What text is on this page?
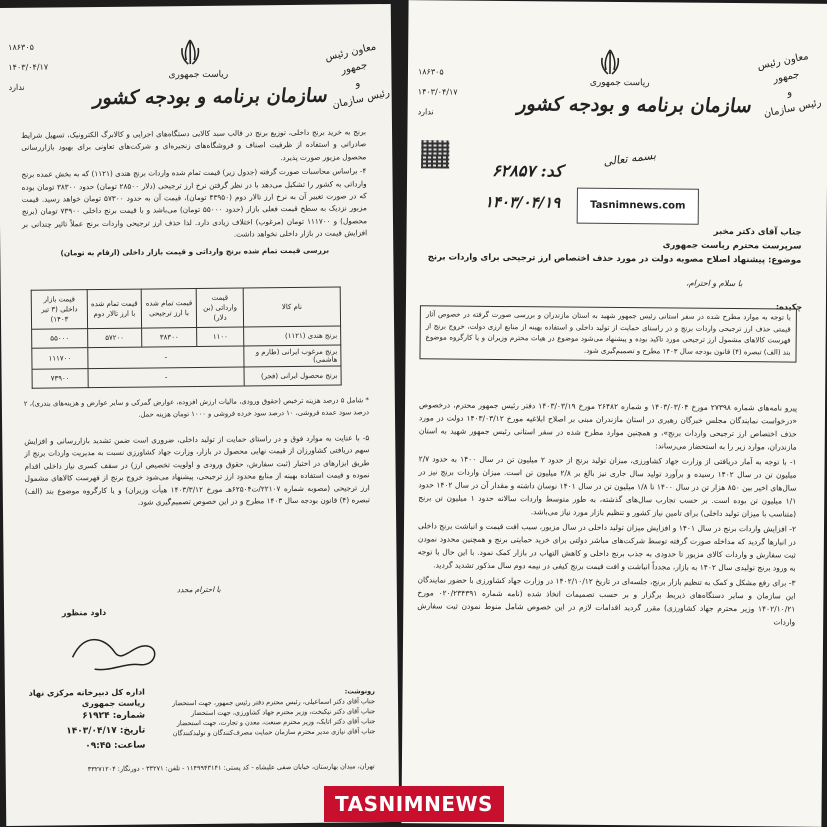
۱۸۶۳۰۵
۱۴۰۳/۰۴/۱۷
ندارد
ریاست جمهوری
سازمان برنامه و بودجه کشور
معاون رئیس جمهور
و
رئیس سازمان

برنج به خرید برنج داخلی، توزیع برنج در قالب سبد کالایی دستگاه‌های اجرایی و کالابرگ الکترونیک، تسهیل شرایط صادراتی و استفاده از ظرفیت اصناف و فروشگاه‌های زنجیره‌ای و شرکت‌های تعاونی برای بهبود بازاررسانی محصول مزبور صورت پذیرد.

۴- براساس محاسبات صورت گرفته (جدول زیر) قیمت تمام شده واردات برنج هندی (۱۱۲۱) که به بخش عمده برنج وارداتی به کشور را تشکیل می‌دهد با در نظر گرفتن نرخ ارز ترجیحی (دلار ۲۸۵۰۰ تومان) حدود ۳۸۳۰۰ تومان بوده که در صورت تغییر آن به نرخ ارز تالار دوم (۴۳۹۵۰ تومان)، قیمت آن به حدود ۵۷۳۰۰ تومان خواهد رسید. قیمت مزبور نزدیک به سطح قیمت فعلی بازار (حدود ۵۵۰۰۰ تومان) می‌باشد و با قیمت برنج داخلی ۷۳۹۰۰ تومان (برنج محصول) و ۱۱۱۷۰۰ تومان (مرغوب) اختلاف زیادی دارد. لذا حذف ارز ترجیحی واردات برنج عملاً تاثیر چندانی بر افزایش قیمت در بازار داخلی نخواهد داشت.

بررسی قیمت تمام شده برنج وارداتی و قیمت بازار داخلی (ارقام به تومان)

نام کالا	قیمت وارداتی (بن دلار)	قیمت تمام شده با ارز ترجیحی	قیمت تمام شده با ارز تالار دوم	قیمت بازار داخلی (۳ تیر ۱۴۰۳)
برنج هندی (۱۱۲۱)	۱۱۰۰	۳۸۳۰۰	۵۷۲۰۰	۵۵۰۰۰
برنج مرغوب ایرانی (طارم و هاشمی)	-			۱۱۱۷۰۰
برنج محصول ایرانی (فجر)	-			۷۳۹۰۰
* شامل ۵ درصد هزینه ترخیص (حقوق ورودی، مالیات ارزش افزوده، عوارض گمرکی و سایر عوارض و هزینه‌های بندری)، ۲ درصد سود عمده فروشی، ۱۰ درصد سود خرده فروشی و ۱۰۰۰ تومان هزینه حمل.
۵- با عنایت به موارد فوق و در راستای حمایت از تولید داخلی، ضروری است ضمن تشدید بازاررسانی و افزایش سهم دریافتی کشاورزان از قیمت نهایی محصول در بازار، وزارت جهاد کشاورزی نسبت به مدیریت واردات برنج از طریق ابزارهای در اختیار (ثبت سفارش، حقوق ورودی و اولویت تخصیص ارز) در سقف کسری نیاز داخلی اقدام نموده و قیمت استفاده بهینه از منابع محدود ارز ترجیحی، پیشنهاد می‌شود خروج برنج از فهرست کالاهای مشمول ارز ترجیحی (مصوبه شماره ۲۲۱۰۷/ت۶۲۵۰۴هـ مورخ ۱۴۰۳/۳/۱۲ هیأت وزیران) و یا کارگروه موضوع بند (الف) تبصره (۴) قانون بودجه سال ۱۴۰۳ مطرح و در این خصوص تصمیم‌گیری شود.
با احترام مجدد
داود منظور
رونوشت:
جناب آقای دکتر اسماعیلی، رئیس محترم دفتر رئیس جمهور، جهت استحضار
جناب آقای دکتر نیکبخت، وزیر محترم جهاد کشاورزی، جهت استحضار
جناب آقای دکتر اتابک، وزیر محترم صنعت، معدن و تجارت، جهت استحضار
جناب آقای نیازی مدیر محترم سازمان حمایت مصرف‌کنندگان و تولیدکنندگان
اداره کل دبیرخانه مرکزی نهاد ریاست جمهوری
شماره: ۶۱۹۲۴
تاریخ: ۱۴۰۳/۰۴/۱۷
ساعت: ۰۹:۴۵
تهران، میدان بهارستان، خیابان صفی علیشاه - کد پستی: ۱۱۴۹۹۴۳۱۴۱ - تلفن: ۳۳۲۷۱ - دورنگار: ۳۳۲۷۱۲۰۴
۱۸۶۳۰۵
۱۴۰۳/۰۴/۱۷
ندارد
ریاست جمهوری
سازمان برنامه و بودجه کشور
معاون رئیس جمهور
و
رئیس سازمان
بسمه تعالی
کد: ۶۲۸۵۷
۱۴۰۳/۰۴/۱۹	Tasnimnews.com
جناب آقای دکتر مخبر
سرپرست محترم ریاست جمهوری
موضوع: پیشنهاد اصلاح مصوبه دولت در مورد حذف اختصاص ارز ترجیحی برای واردات برنج
با سلام و احترام،
چکیده:
با توجه به موارد مطرح شده در سفر استانی رئیس جمهور شهید به استان مازندران و بررسی صورت گرفته در خصوص آثار قیمتی حذف ارز ترجیحی واردات برنج و در راستای حمایت از تولید داخلی و استفاده بهینه از منابع ارزی دولت، خروج برنج از فهرست کالاهای مشمول ارز ترجیحی مورد تاکید بوده و پیشنهاد می‌شود موضوع در هیات محترم وزیران و یا کارگروه موضوع بند (الف) تبصره (۴) قانون بودجه سال ۱۴۰۳ مطرح و تصمیم‌گیری شود.

پیرو نامه‌های شماره ۲۷۳۹۸ مورخ ۱۴۰۳/۰۳/۰۴ و شماره ۲۶۴۸۲ مورخ ۱۴۰۳/۰۳/۱۹ دفتر رئیس جمهور محترم، درخصوص «درخواست نمایندگان مجلس خبرگان رهبری در استان مازندران مبنی بر اصلاح ابلاغیه مورخ ۱۴۰۳/۰۳/۱۲ دولت در مورد حذف اختصاص ارز ترجیحی واردات برنج»، و همچنین موارد مطرح شده در سفر استانی رئیس جمهور شهید به استان مازندران، موارد زیر را به استحضار می‌رساند:

۱- با توجه به آمار دریافتی از وزارت جهاد کشاورزی، میزان تولید برنج از حدود ۲ میلیون تن در سال ۱۴۰۰ به حدود ۲/۷ میلیون تن در سال ۱۴۰۲ رسیده و برآورد تولید سال جاری نیز بالغ بر ۲/۸ میلیون تن است. میزان واردات برنج نیز در سال‌های اخیر بین ۸۵۰ هزار تن در سال ۱۴۰۰ تا ۱/۸ میلیون تن در سال ۱۴۰۱ نوسان داشته و مقدار آن در سال ۱۴۰۲ حدود ۱/۱ میلیون تن بوده است. بر حسب تجارب سال‌های گذشته، به طور متوسط واردات سالانه حدود ۱ میلیون تن برنج (متناسب با میزان تولید داخلی) برای تامین نیاز کشور و تنظیم بازار مورد نیاز می‌باشد.

۲- افزایش واردات برنج در سال ۱۴۰۱ و افزایش میزان تولید داخلی در سال مزبور، سبب افت قیمت و انباشت برنج داخلی در انبارها گردید که مداخله صورت گرفته توسط شرکت‌های مباشر دولتی برای خرید حمایتی برنج و همچنین محدود نمودن ثبت سفارش و واردات کالای مزبور تا حدودی به جذب برنج داخلی و کاهش التهاب در بازار کمک نمود. با این حال با توجه به ورود برنج تولیدی سال ۱۴۰۲ به بازار، مجدداً انباشت و افت قیمت برنج کیفی در نیمه دوم سال مذکور تشدید گردید.

۳- برای رفع مشکل و کمک به تنظیم بازار برنج، جلسه‌ای در تاریخ ۱۴۰۲/۱۰/۱۲ در وزارت جهاد کشاورزی با حضور نمایندگان این سازمان و سایر دستگاه‌های ذیربط برگزار و بر حسب تصمیمات اتخاذ شده (نامه شماره ۰۲۰/۲۳۴۳۹۱ مورخ ۱۴۰۲/۱۰/۲۱ وزیر محترم جهاد کشاورزی) مقرر گردید اقدامات لازم در این خصوص شامل منوط نمودن ثبت سفارش واردات

TASNIMNEWS
